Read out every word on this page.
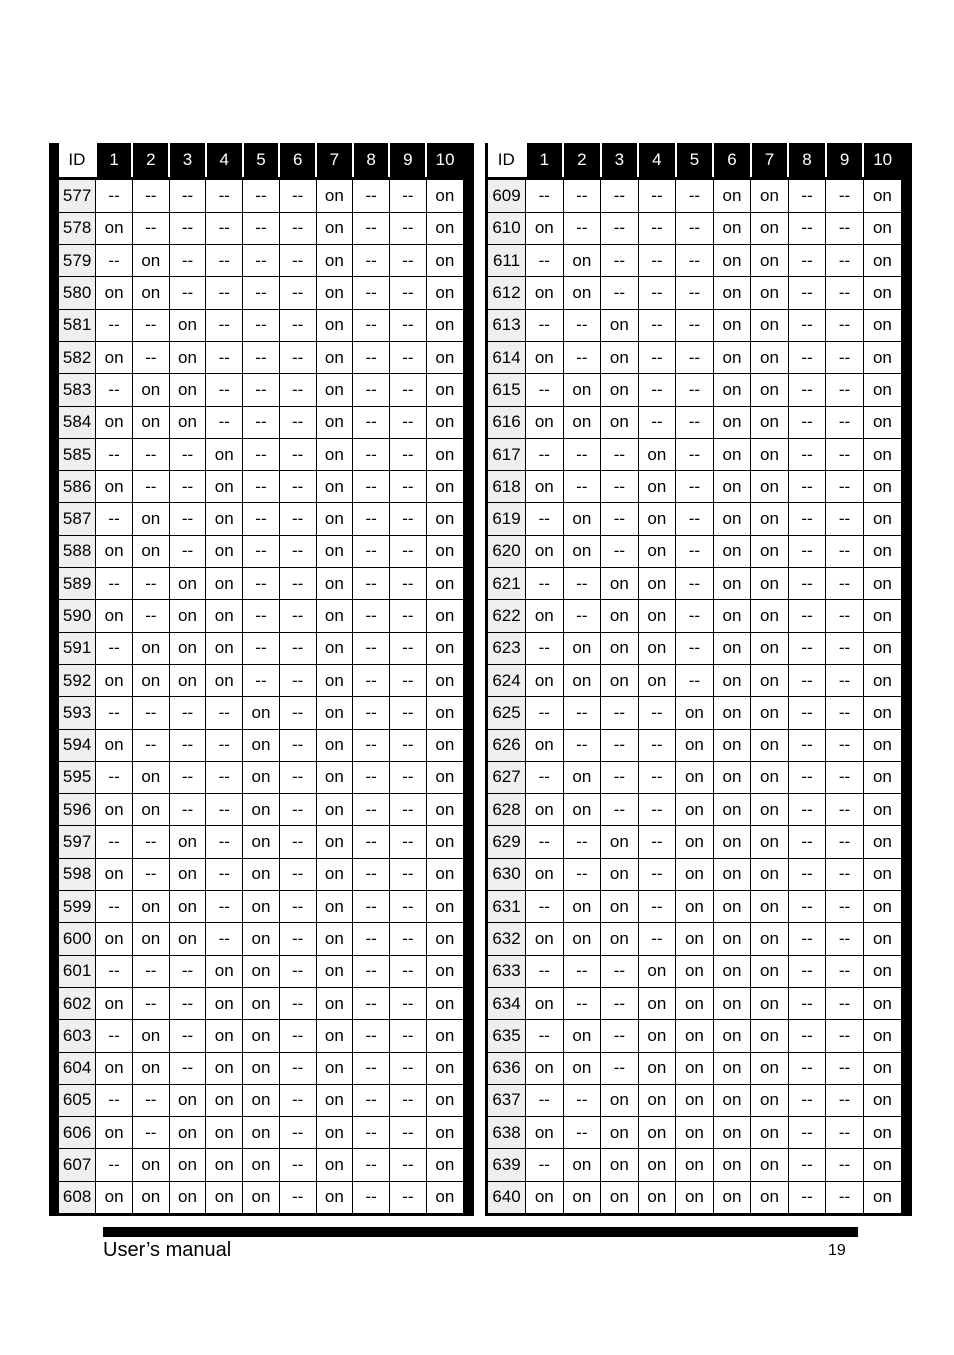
ID	1	2	3	4	5	6	7	8	9	10

577	--	--	--	--	--	--	on	--	--	on
578	on	--	--	--	--	--	on	--	--	on
579	--	on	--	--	--	--	on	--	--	on
580	on	on	--	--	--	--	on	--	--	on
581	--	--	on	--	--	--	on	--	--	on
582	on	--	on	--	--	--	on	--	--	on
583	--	on	on	--	--	--	on	--	--	on
584	on	on	on	--	--	--	on	--	--	on
585	--	--	--	on	--	--	on	--	--	on
586	on	--	--	on	--	--	on	--	--	on
587	--	on	--	on	--	--	on	--	--	on
588	on	on	--	on	--	--	on	--	--	on
589	--	--	on	on	--	--	on	--	--	on
590	on	--	on	on	--	--	on	--	--	on
591	--	on	on	on	--	--	on	--	--	on
592	on	on	on	on	--	--	on	--	--	on
593	--	--	--	--	on	--	on	--	--	on
594	on	--	--	--	on	--	on	--	--	on
595	--	on	--	--	on	--	on	--	--	on
596	on	on	--	--	on	--	on	--	--	on
597	--	--	on	--	on	--	on	--	--	on
598	on	--	on	--	on	--	on	--	--	on
599	--	on	on	--	on	--	on	--	--	on
600	on	on	on	--	on	--	on	--	--	on
601	--	--	--	on	on	--	on	--	--	on
602	on	--	--	on	on	--	on	--	--	on
603	--	on	--	on	on	--	on	--	--	on
604	on	on	--	on	on	--	on	--	--	on
605	--	--	on	on	on	--	on	--	--	on
606	on	--	on	on	on	--	on	--	--	on
607	--	on	on	on	on	--	on	--	--	on
608	on	on	on	on	on	--	on	--	--	on
ID	1	2	3	4	5	6	7	8	9	10

609	--	--	--	--	--	on	on	--	--	on
610	on	--	--	--	--	on	on	--	--	on
611	--	on	--	--	--	on	on	--	--	on
612	on	on	--	--	--	on	on	--	--	on
613	--	--	on	--	--	on	on	--	--	on
614	on	--	on	--	--	on	on	--	--	on
615	--	on	on	--	--	on	on	--	--	on
616	on	on	on	--	--	on	on	--	--	on
617	--	--	--	on	--	on	on	--	--	on
618	on	--	--	on	--	on	on	--	--	on
619	--	on	--	on	--	on	on	--	--	on
620	on	on	--	on	--	on	on	--	--	on
621	--	--	on	on	--	on	on	--	--	on
622	on	--	on	on	--	on	on	--	--	on
623	--	on	on	on	--	on	on	--	--	on
624	on	on	on	on	--	on	on	--	--	on
625	--	--	--	--	on	on	on	--	--	on
626	on	--	--	--	on	on	on	--	--	on
627	--	on	--	--	on	on	on	--	--	on
628	on	on	--	--	on	on	on	--	--	on
629	--	--	on	--	on	on	on	--	--	on
630	on	--	on	--	on	on	on	--	--	on
631	--	on	on	--	on	on	on	--	--	on
632	on	on	on	--	on	on	on	--	--	on
633	--	--	--	on	on	on	on	--	--	on
634	on	--	--	on	on	on	on	--	--	on
635	--	on	--	on	on	on	on	--	--	on
636	on	on	--	on	on	on	on	--	--	on
637	--	--	on	on	on	on	on	--	--	on
638	on	--	on	on	on	on	on	--	--	on
639	--	on	on	on	on	on	on	--	--	on
640	on	on	on	on	on	on	on	--	--	on
User’s manual	19
